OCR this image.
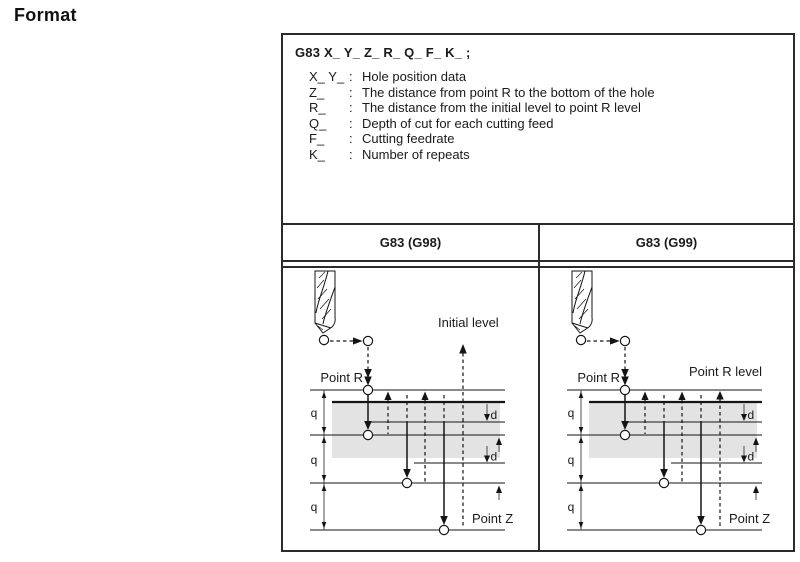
Format
G83 X_ Y_ Z_ R_ Q_ F_ K_ ;
X_ Y_ : Hole position data
Z_	: The distance from point R to the bottom of the hole
R_	: The distance from the initial level to point R level
Q_	: Depth of cut for each cutting feed
F_	: Cutting feedrate
K_	: Number of repeats
G83 (G98)	G83 (G99)
Initial level
Point R
Point Z
q
q
q
d
d
Point R level
Point R
Point Z
q
q
q
d
d
